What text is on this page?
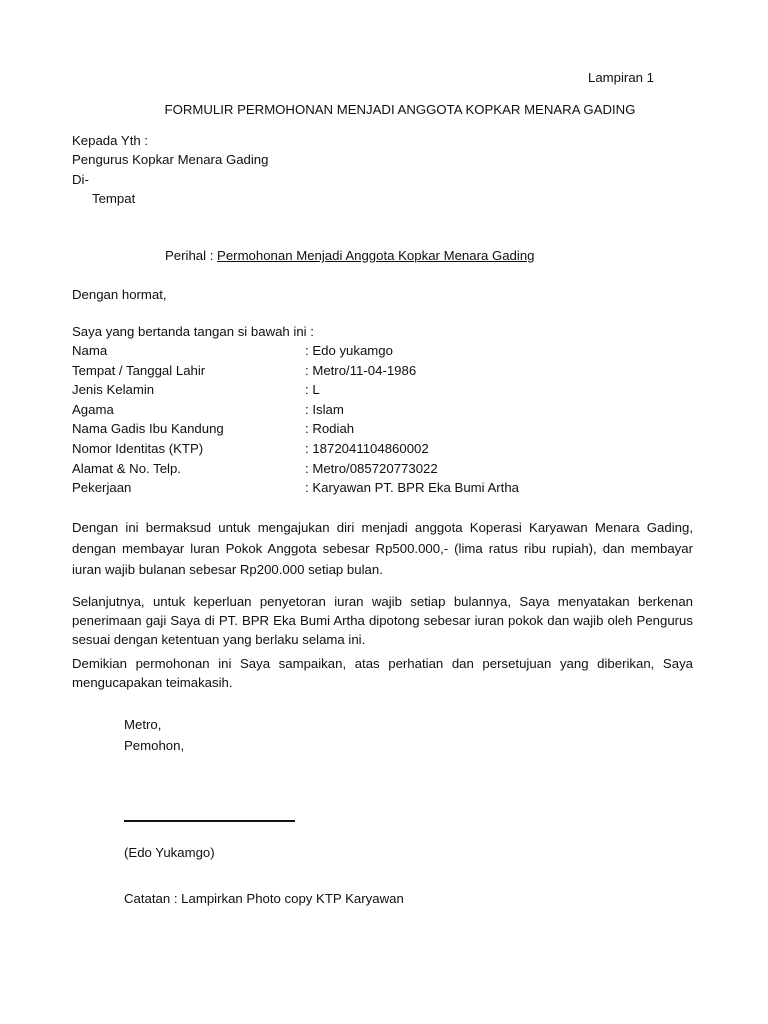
Lampiran 1
FORMULIR PERMOHONAN MENJADI ANGGOTA KOPKAR MENARA GADING
Kepada Yth :
Pengurus Kopkar Menara Gading
Di-
Tempat
Perihal : Permohonan Menjadi Anggota Kopkar Menara Gading
Dengan hormat,
Saya yang bertanda tangan si bawah ini :
Nama	: Edo yukamgo
Tempat / Tanggal Lahir	: Metro/11-04-1986
Jenis Kelamin	: L
Agama	: Islam
Nama Gadis Ibu Kandung	: Rodiah
Nomor Identitas (KTP)	: 1872041104860002
Alamat & No. Telp.	: Metro/085720773022
Pekerjaan	: Karyawan PT. BPR Eka Bumi Artha
Dengan ini bermaksud untuk mengajukan diri menjadi anggota Koperasi Karyawan Menara Gading, dengan membayar luran Pokok Anggota sebesar Rp500.000,- (lima ratus ribu rupiah), dan membayar iuran wajib bulanan sebesar Rp200.000 setiap bulan.
Selanjutnya, untuk keperluan penyetoran iuran wajib setiap bulannya, Saya menyatakan berkenan penerimaan gaji Saya di PT. BPR Eka Bumi Artha dipotong sebesar iuran pokok dan wajib oleh Pengurus sesuai dengan ketentuan yang berlaku selama ini.
Demikian permohonan ini Saya sampaikan, atas perhatian dan persetujuan yang diberikan, Saya mengucapakan teimakasih.
Metro,
Pemohon,
(Edo Yukamgo)
Catatan : Lampirkan Photo copy KTP Karyawan
